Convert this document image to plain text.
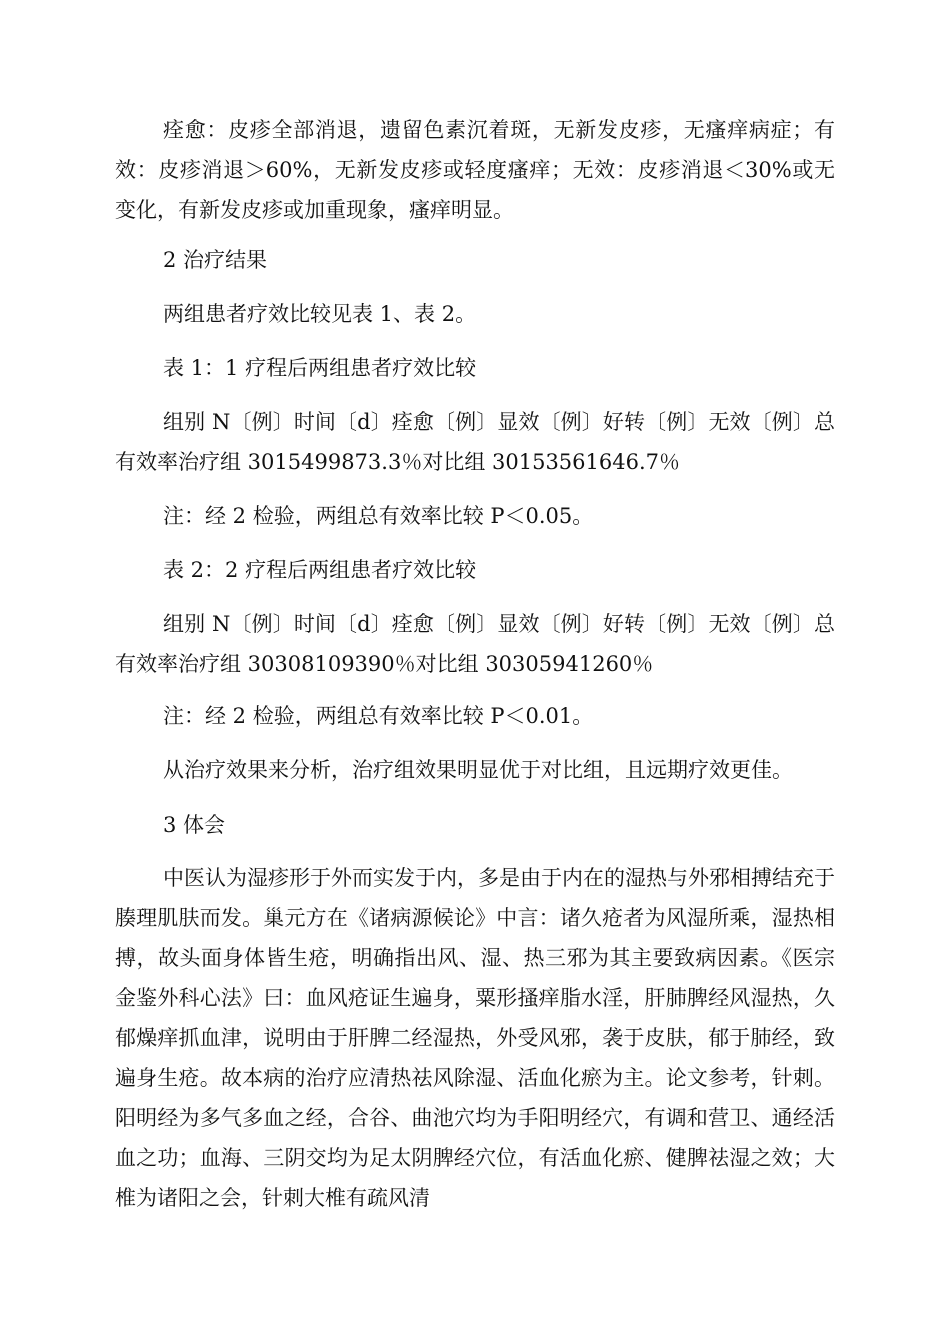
痊愈：皮疹全部消退，遗留色素沉着斑，无新发皮疹，无瘙痒病症；有效：皮疹消退＞60%，无新发皮疹或轻度瘙痒；无效：皮疹消退＜30%或无变化，有新发皮疹或加重现象，瘙痒明显。

2 治疗结果

两组患者疗效比较见表 1、表 2。

表 1：1 疗程后两组患者疗效比较

组别 N〔例〕时间〔d〕痊愈〔例〕显效〔例〕好转〔例〕无效〔例〕总有效率治疗组 3015499873.3％对比组 30153561646.7％

注：经 2 检验，两组总有效率比较 P＜0.05。

表 2：2 疗程后两组患者疗效比较

组别 N〔例〕时间〔d〕痊愈〔例〕显效〔例〕好转〔例〕无效〔例〕总有效率治疗组 30308109390％对比组 30305941260％

注：经 2 检验，两组总有效率比较 P＜0.01。

从治疗效果来分析，治疗组效果明显优于对比组，且远期疗效更佳。

3 体会

中医认为湿疹形于外而实发于内，多是由于内在的湿热与外邪相搏结充于腠理肌肤而发。巢元方在《诸病源候论》中言：诸久疮者为风湿所乘，湿热相搏，故头面身体皆生疮，明确指出风、湿、热三邪为其主要致病因素。《医宗金鉴外科心法》曰：血风疮证生遍身，粟形搔痒脂水淫，肝肺脾经风湿热，久郁燥痒抓血津，说明由于肝脾二经湿热，外受风邪，袭于皮肤，郁于肺经，致遍身生疮。故本病的治疗应清热祛风除湿、活血化瘀为主。论文参考，针刺。阳明经为多气多血之经，合谷、曲池穴均为手阳明经穴，有调和营卫、通经活血之功；血海、三阴交均为足太阴脾经穴位，有活血化瘀、健脾祛湿之效；大椎为诸阳之会，针刺大椎有疏风清
